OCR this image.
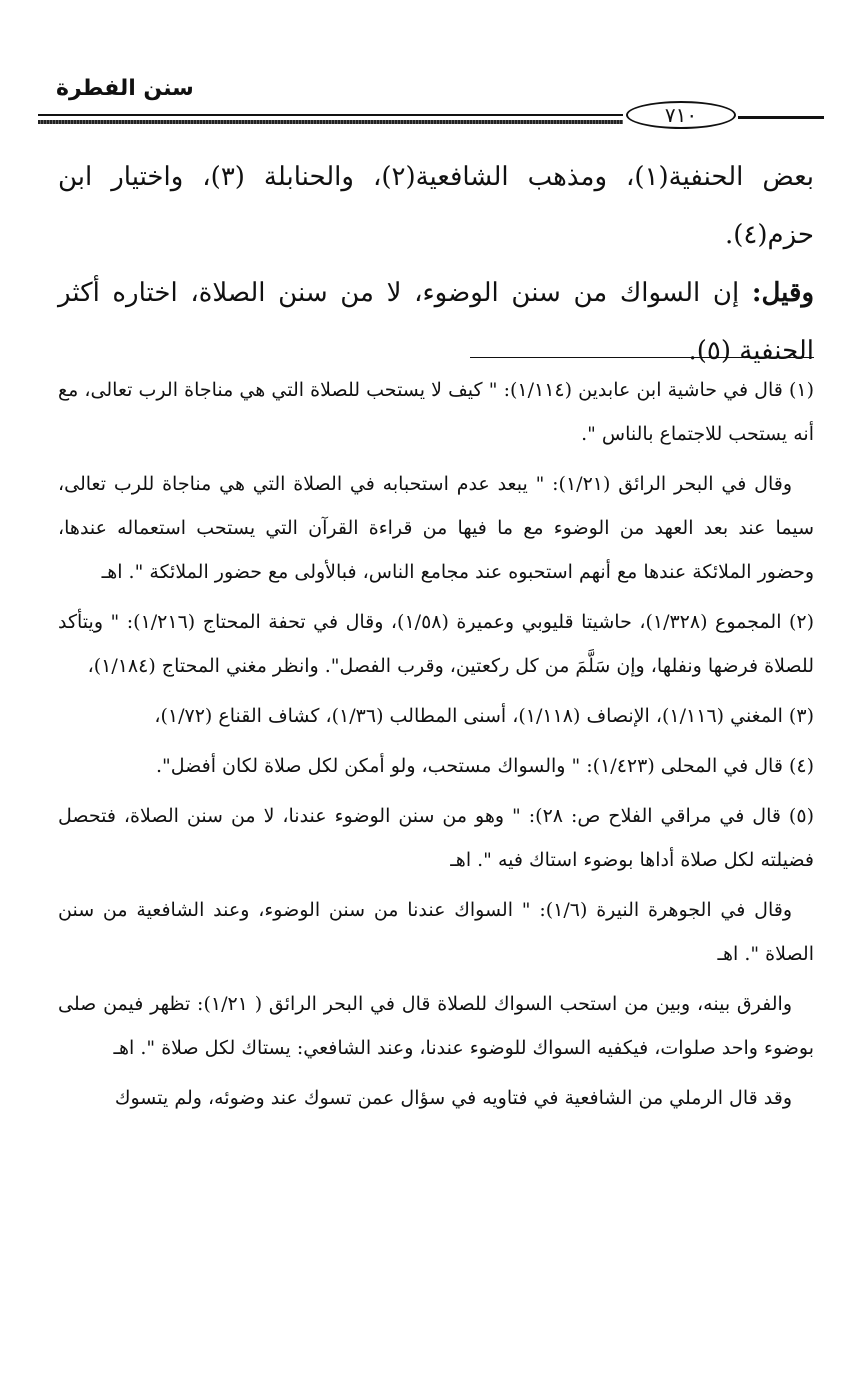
سنن الفطرة
٧١٠

بعض الحنفية(١)، ومذهب الشافعية(٢)، والحنابلة (٣)، واختيار ابن حزم(٤).

وقيل: إن السواك من سنن الوضوء، لا من سنن الصلاة، اختاره أكثر الحنفية (٥).

(١) قال في حاشية ابن عابدين (١/١١٤): " كيف لا يستحب للصلاة التي هي مناجاة الرب تعالى، مع أنه يستحب للاجتماع بالناس ".

وقال في البحر الرائق (١/٢١): " يبعد عدم استحبابه في الصلاة التي هي مناجاة للرب تعالى، سيما عند بعد العهد من الوضوء مع ما فيها من قراءة القرآن التي يستحب استعماله عندها، وحضور الملائكة عندها مع أنهم استحبوه عند مجامع الناس، فبالأولى مع حضور الملائكة ". اهـ

(٢) المجموع (١/٣٢٨)، حاشيتا قليوبي وعميرة (١/٥٨)، وقال في تحفة المحتاج (١/٢١٦): " ويتأكد للصلاة فرضها ونفلها، وإن سَلَّمَ من كل ركعتين، وقرب الفصل". وانظر مغني المحتاج (١/١٨٤)،

(٣) المغني (١/١١٦)، الإنصاف (١/١١٨)، أسنى المطالب (١/٣٦)، كشاف القناع (١/٧٢)،

(٤) قال في المحلى (١/٤٢٣): " والسواك مستحب، ولو أمكن لكل صلاة لكان أفضل".

(٥) قال في مراقي الفلاح ص: ٢٨): " وهو من سنن الوضوء عندنا، لا من سنن الصلاة، فتحصل فضيلته لكل صلاة أداها بوضوء استاك فيه ". اهـ

وقال في الجوهرة النيرة (١/٦): " السواك عندنا من سنن الوضوء، وعند الشافعية من سنن الصلاة ". اهـ

والفرق بينه، وبين من استحب السواك للصلاة قال في البحر الرائق ( ١/٢١): تظهر فيمن صلى بوضوء واحد صلوات، فيكفيه السواك للوضوء عندنا، وعند الشافعي: يستاك لكل صلاة ". اهـ

وقد قال الرملي من الشافعية في فتاويه في سؤال عمن تسوك عند وضوئه، ولم يتسوك
